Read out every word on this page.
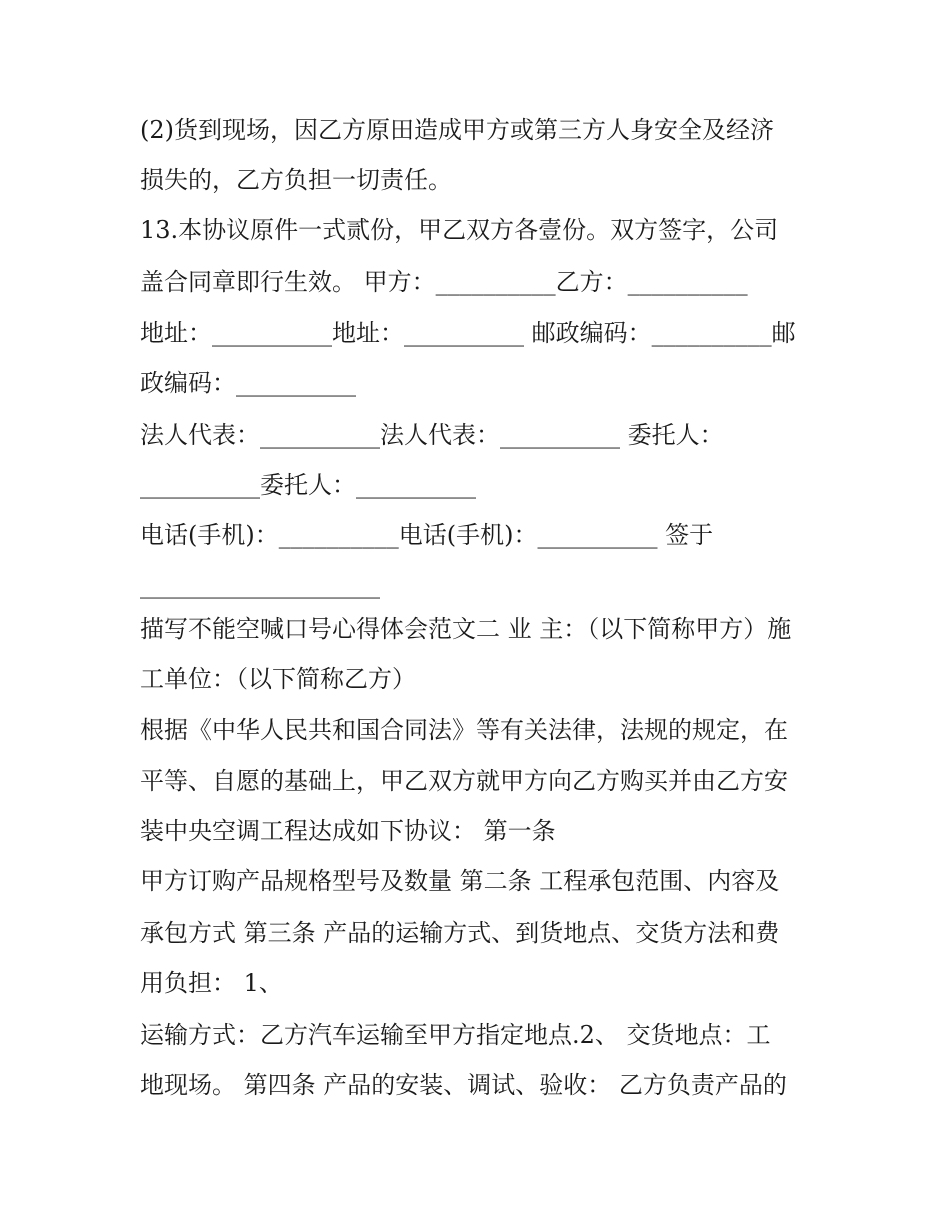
(2)货到现场，因乙方原田造成甲方或第三方人身安全及经济
损失的，乙方负担一切责任。
13.本协议原件一式贰份，甲乙双方各壹份。双方签字，公司
盖合同章即行生效。 甲方：__________乙方：__________
地址：__________地址：__________ 邮政编码：__________邮
政编码：__________
法人代表：__________法人代表：__________ 委托人：
__________委托人：__________
电话(手机)：__________电话(手机)：__________ 签于
____________________
描写不能空喊口号心得体会范文二 业 主：（以下简称甲方）施
工单位：（以下简称乙方）
根据《中华人民共和国合同法》等有关法律，法规的规定，在
平等、自愿的基础上，甲乙双方就甲方向乙方购买并由乙方安
装中央空调工程达成如下协议： 第一条
甲方订购产品规格型号及数量 第二条 工程承包范围、内容及
承包方式 第三条 产品的运输方式、到货地点、交货方法和费
用负担： 1、
运输方式：乙方汽车运输至甲方指定地点.2、 交货地点：工
地现场。 第四条 产品的安装、调试、验收： 乙方负责产品的
